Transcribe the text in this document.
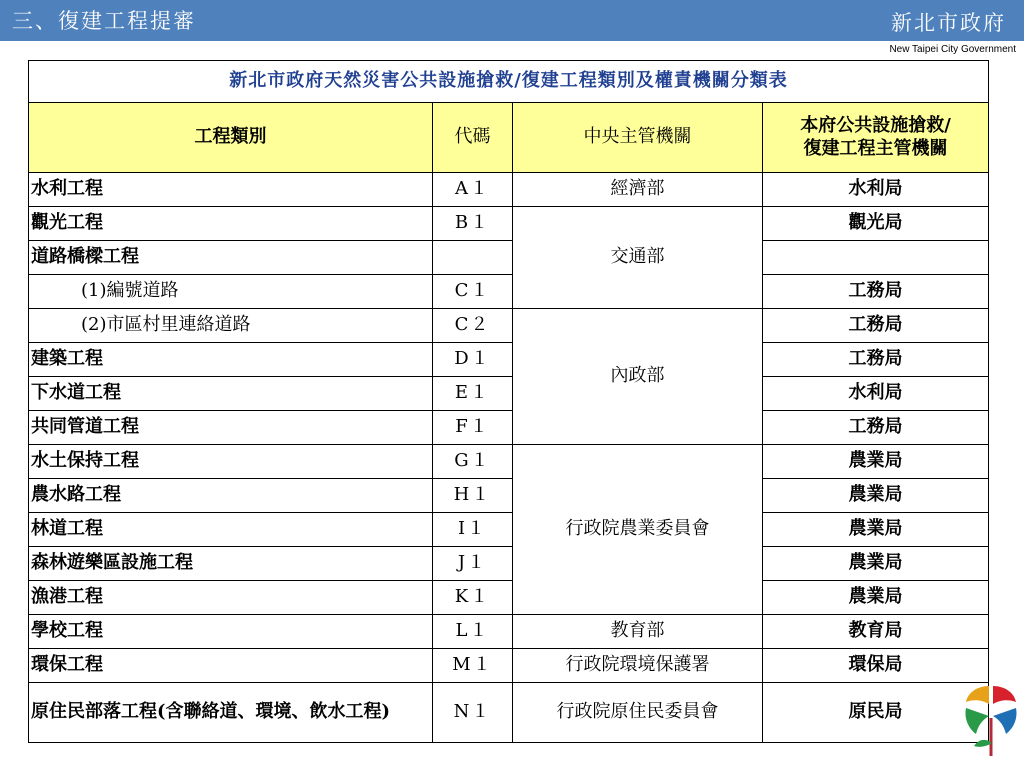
三、復建工程提審	新北市政府
New Taipei City Government
新北市政府天然災害公共設施搶救/復建工程類別及權責機關分類表			
工程類別	代碼	中央主管機關	本府公共設施搶救/
復建工程主管機關
水利工程	A１	經濟部	水利局
觀光工程	B１	交通部	觀光局
道路橋樑工程			
(1)編號道路	C１		工務局
(2)市區村里連絡道路	C２	內政部	工務局
建築工程	D１		工務局
下水道工程	E１		水利局
共同管道工程	F１		工務局
水土保持工程	G１	行政院農業委員會	農業局
農水路工程	H１		農業局
林道工程	I１		農業局
森林遊樂區設施工程	J１		農業局
漁港工程	K１		農業局
學校工程	L１	教育部	教育局
環保工程	M１	行政院環境保護署	環保局
原住民部落工程(含聯絡道、環境、飲水工程)	N１	行政院原住民委員會	原民局
